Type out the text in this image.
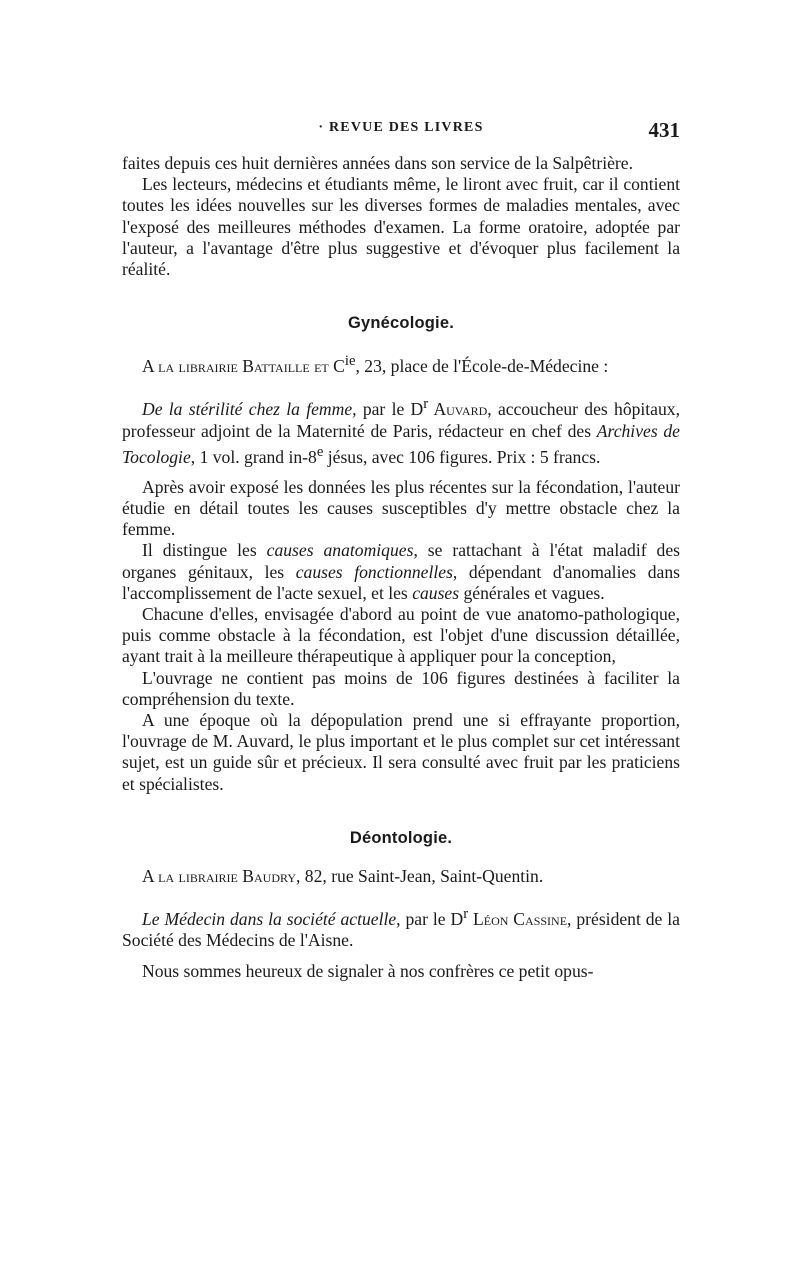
· REVUE DES LIVRES	431

faites depuis ces huit dernières années dans son service de la Salpêtrière.

Les lecteurs, médecins et étudiants même, le liront avec fruit, car il contient toutes les idées nouvelles sur les diverses formes de maladies mentales, avec l'exposé des meilleures méthodes d'examen. La forme oratoire, adoptée par l'auteur, a l'avantage d'être plus suggestive et d'évoquer plus facilement la réalité.

Gynécologie.

A la librairie Battaille et $C^{ie}$, 23, place de l'École-de-Médecine :

De la stérilité chez la femme, par le $D^r$ Auvard, accoucheur des hôpitaux, professeur adjoint de la Maternité de Paris, rédacteur en chef des Archives de Tocologie, 1 vol. grand in-8e jésus, avec 106 figures. Prix : 5 francs.

Après avoir exposé les données les plus récentes sur la fécondation, l'auteur étudie en détail toutes les causes susceptibles d'y mettre obstacle chez la femme.

Il distingue les causes anatomiques, se rattachant à l'état maladif des organes génitaux, les causes fonctionnelles, dépendant d'anomalies dans l'accomplissement de l'acte sexuel, et les causes générales et vagues.

Chacune d'elles, envisagée d'abord au point de vue anatomo-pathologique, puis comme obstacle à la fécondation, est l'objet d'une discussion détaillée, ayant trait à la meilleure thérapeutique à appliquer pour la conception,

L'ouvrage ne contient pas moins de 106 figures destinées à faciliter la compréhension du texte.

A une époque où la dépopulation prend une si effrayante proportion, l'ouvrage de M. Auvard, le plus important et le plus complet sur cet intéressant sujet, est un guide sûr et précieux. Il sera consulté avec fruit par les praticiens et spécialistes.

Déontologie.

A la librairie Baudry, 82, rue Saint-Jean, Saint-Quentin.

Le Médecin dans la société actuelle, par le $D^r$ Léon Cassine, président de la Société des Médecins de l'Aisne.

Nous sommes heureux de signaler à nos confrères ce petit opus-
